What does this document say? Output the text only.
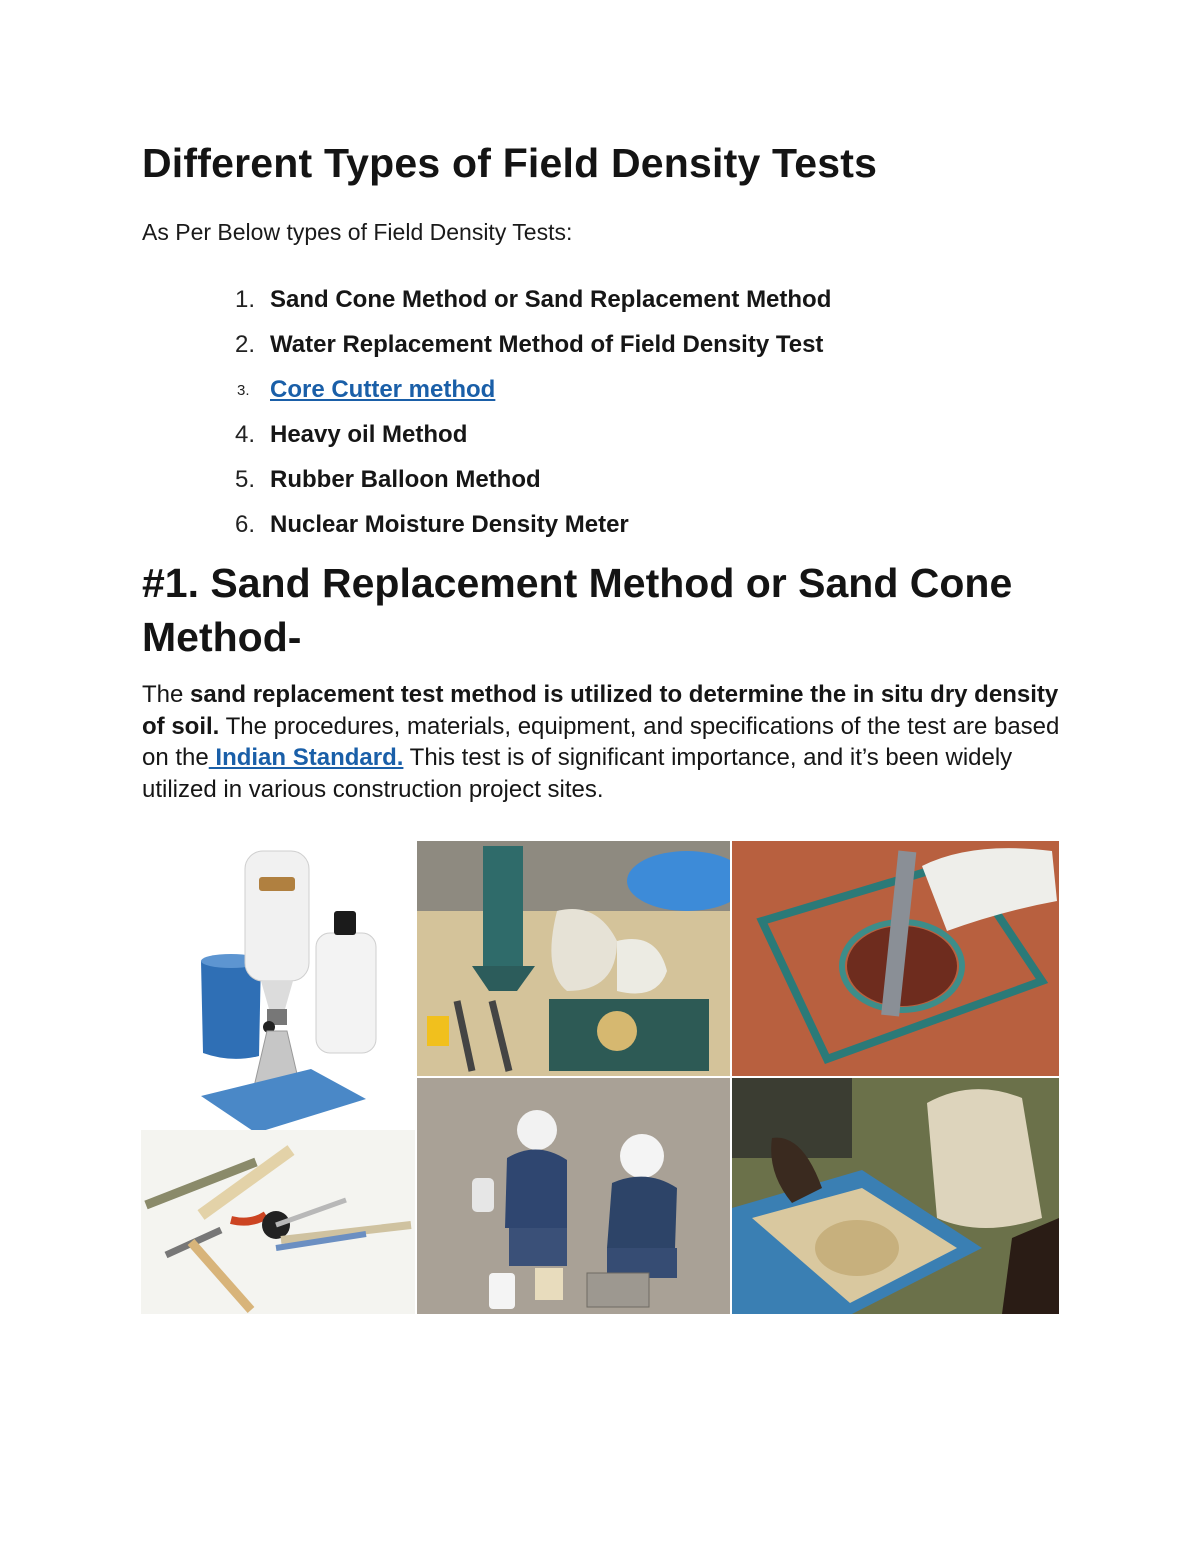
Different Types of Field Density Tests

As Per Below types of Field Density Tests:

1. Sand Cone Method or Sand Replacement Method
2. Water Replacement Method of Field Density Test
3. Core Cutter method
4. Heavy oil Method
5. Rubber Balloon Method
6. Nuclear Moisture Density Meter
#1. Sand Replacement Method or Sand Cone Method-

The sand replacement test method is utilized to determine the in situ dry density of soil. The procedures, materials, equipment, and specifications of the test are based on the Indian Standard. This test is of significant importance, and it’s been widely utilized in various construction project sites.
